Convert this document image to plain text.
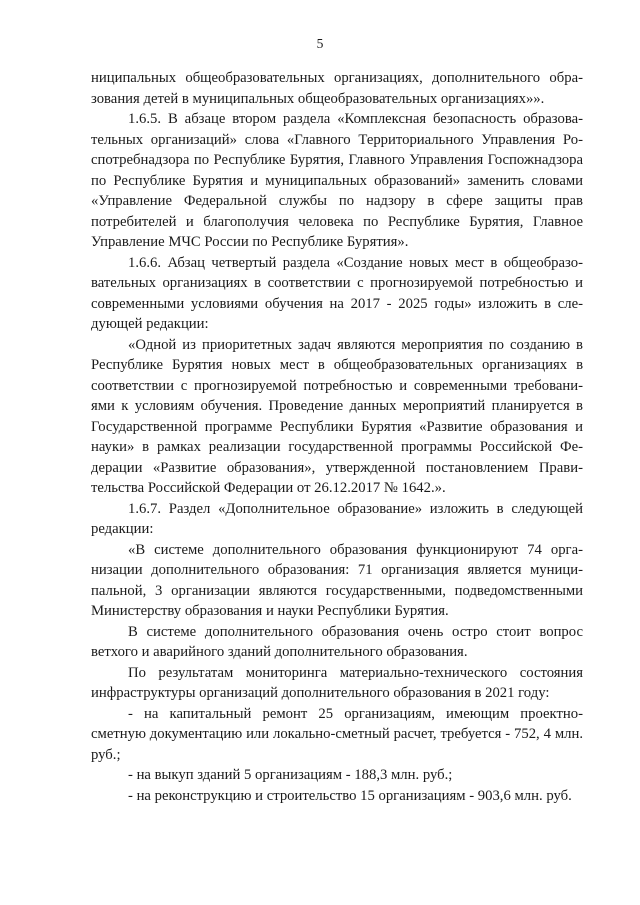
5

ниципальных общеобразовательных организациях, дополнительного образования детей в муниципальных общеобразовательных организациях»».

1.6.5. В абзаце втором раздела «Комплексная безопасность образовательных организаций» слова «Главного Территориального Управления Роспотребнадзора по Республике Бурятия, Главного Управления Госпожнадзора по Республике Бурятия и муниципальных образований» заменить словами «Управление Федеральной службы по надзору в сфере защиты прав потребителей и благополучия человека по Республике Бурятия, Главное Управление МЧС России по Республике Бурятия».

1.6.6. Абзац четвертый раздела «Создание новых мест в общеобразовательных организациях в соответствии с прогнозируемой потребностью и современными условиями обучения на 2017 - 2025 годы» изложить в следующей редакции:

«Одной из приоритетных задач являются мероприятия по созданию в Республике Бурятия новых мест в общеобразовательных организациях в соответствии с прогнозируемой потребностью и современными требованиями к условиям обучения. Проведение данных мероприятий планируется в Государственной программе Республики Бурятия «Развитие образования и науки» в рамках реализации государственной программы Российской Федерации «Развитие образования», утвержденной постановлением Правительства Российской Федерации от 26.12.2017 № 1642.».

1.6.7. Раздел «Дополнительное образование» изложить в следующей редакции:

«В системе дополнительного образования функционируют 74 организации дополнительного образования: 71 организация является муниципальной, 3 организации являются государственными, подведомственными Министерству образования и науки Республики Бурятия.

В системе дополнительного образования очень остро стоит вопрос ветхого и аварийного зданий дополнительного образования.

По результатам мониторинга материально-технического состояния инфраструктуры организаций дополнительного образования в 2021 году:

- на капитальный ремонт 25 организациям, имеющим проектно-сметную документацию или локально-сметный расчет, требуется - 752, 4 млн. руб.;

- на выкуп зданий 5 организациям - 188,3 млн. руб.;

- на реконструкцию и строительство 15 организациям - 903,6 млн. руб.
